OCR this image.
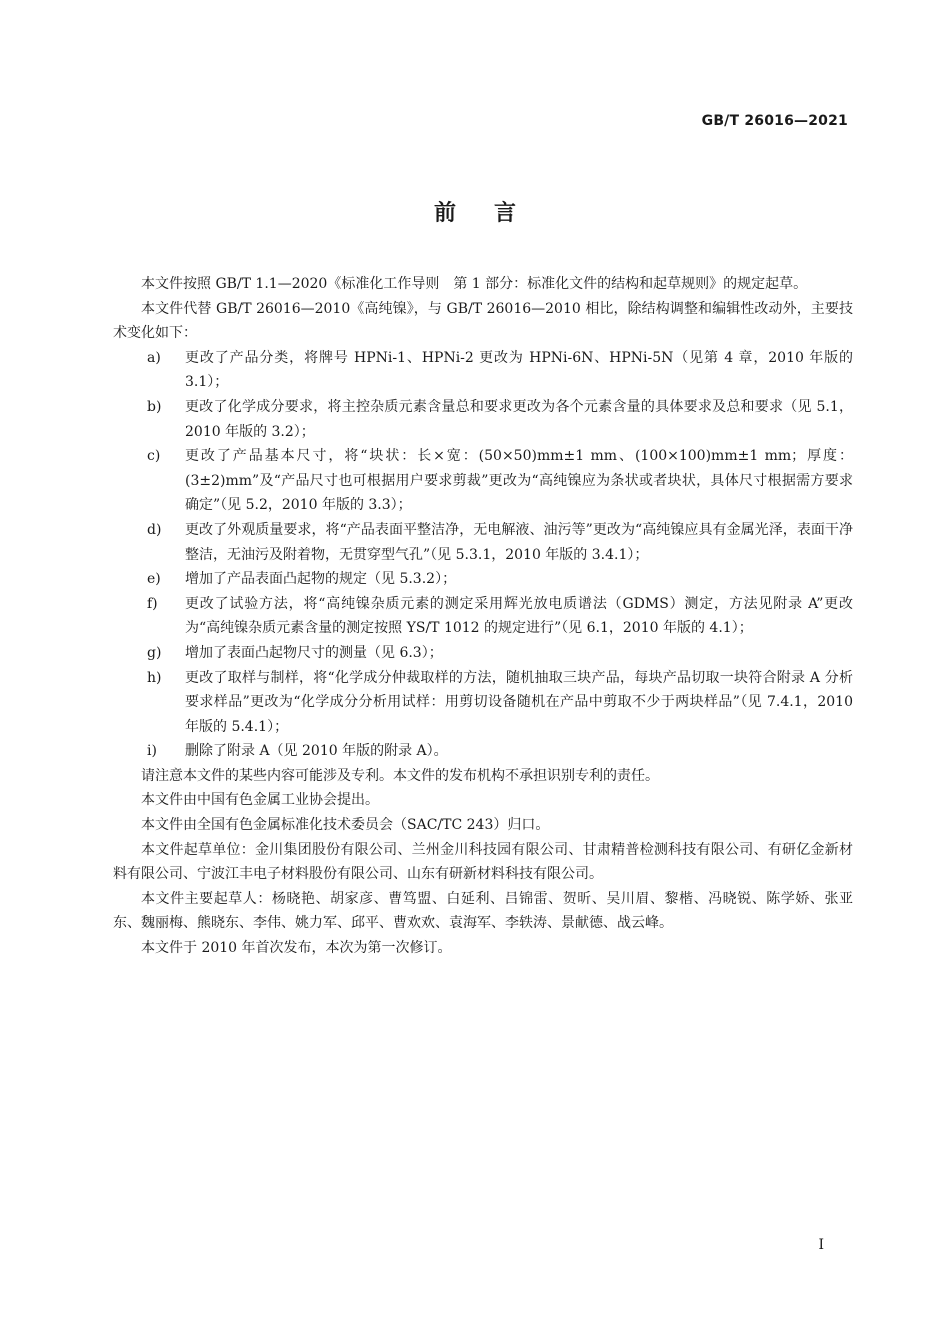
GB/T 26016—2021
前言

本文件按照 GB/T 1.1—2020《标准化工作导则　第 1 部分：标准化文件的结构和起草规则》的规定起草。

本文件代替 GB/T 26016—2010《高纯镍》，与 GB/T 26016—2010 相比，除结构调整和编辑性改动外，主要技术变化如下：

a)	更改了产品分类，将牌号 HPNi-1、HPNi-2 更改为 HPNi-6N、HPNi-5N（见第 4 章，2010 年版的 3.1）；
b)	更改了化学成分要求，将主控杂质元素含量总和要求更改为各个元素含量的具体要求及总和要求（见 5.1，2010 年版的 3.2）；
c)	更改了产品基本尺寸，将“块状：长×宽：(50×50)mm±1 mm、(100×100)mm±1 mm；厚度：(3±2)mm”及“产品尺寸也可根据用户要求剪裁”更改为“高纯镍应为条状或者块状，具体尺寸根据需方要求确定”（见 5.2，2010 年版的 3.3）；
d)	更改了外观质量要求，将“产品表面平整洁净，无电解液、油污等”更改为“高纯镍应具有金属光泽，表面干净整洁，无油污及附着物，无贯穿型气孔”（见 5.3.1，2010 年版的 3.4.1）；
e)	增加了产品表面凸起物的规定（见 5.3.2）；
f)	更改了试验方法，将“高纯镍杂质元素的测定采用辉光放电质谱法（GDMS）测定，方法见附录 A”更改为“高纯镍杂质元素含量的测定按照 YS/T 1012 的规定进行”（见 6.1，2010 年版的 4.1）；
g)	增加了表面凸起物尺寸的测量（见 6.3）；
h)	更改了取样与制样，将“化学成分仲裁取样的方法，随机抽取三块产品，每块产品切取一块符合附录 A 分析要求样品”更改为“化学成分分析用试样：用剪切设备随机在产品中剪取不少于两块样品”（见 7.4.1，2010 年版的 5.4.1）；
i)	删除了附录 A（见 2010 年版的附录 A）。

请注意本文件的某些内容可能涉及专利。本文件的发布机构不承担识别专利的责任。

本文件由中国有色金属工业协会提出。

本文件由全国有色金属标准化技术委员会（SAC/TC 243）归口。

本文件起草单位：金川集团股份有限公司、兰州金川科技园有限公司、甘肃精普检测科技有限公司、有研亿金新材料有限公司、宁波江丰电子材料股份有限公司、山东有研新材料科技有限公司。

本文件主要起草人：杨晓艳、胡家彦、曹笃盟、白延利、吕锦雷、贺昕、吴川眉、黎楷、冯晓锐、陈学娇、张亚东、魏丽梅、熊晓东、李伟、姚力军、邱平、曹欢欢、袁海军、李轶涛、景献德、战云峰。

本文件于 2010 年首次发布，本次为第一次修订。

Ⅰ
